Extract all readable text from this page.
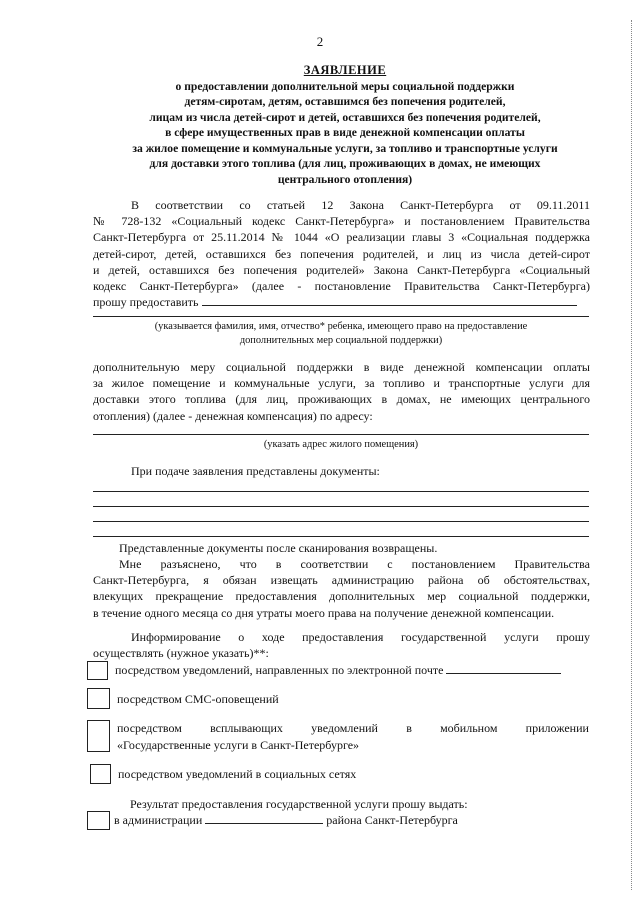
2
ЗАЯВЛЕНИЕ
о предоставлении дополнительной меры социальной поддержки
детям-сиротам, детям, оставшимся без попечения родителей,
лицам из числа детей-сирот и детей, оставшихся без попечения родителей,
в сфере имущественных прав в виде денежной компенсации оплаты
за жилое помещение и коммунальные услуги, за топливо и транспортные услуги
для доставки этого топлива (для лиц, проживающих в домах, не имеющих
центрального отопления)
В соответствии со статьей 12 Закона Санкт-Петербурга от 09.11.2011
№ 728-132 «Социальный кодекс Санкт-Петербурга» и постановлением Правительства
Санкт-Петербурга от 25.11.2014 № 1044 «О реализации главы 3 «Социальная поддержка
детей-сирот, детей, оставшихся без попечения родителей, и лиц из числа детей-сирот
и детей, оставшихся без попечения родителей» Закона Санкт-Петербурга «Социальный
кодекс Санкт-Петербурга» (далее - постановление Правительства Санкт-Петербурга)
прошу предоставить
(указывается фамилия, имя, отчество* ребенка, имеющего право на предоставление
дополнительных мер социальной поддержки)
дополнительную меру социальной поддержки в виде денежной компенсации оплаты
за жилое помещение и коммунальные услуги, за топливо и транспортные услуги для
доставки этого топлива (для лиц, проживающих в домах, не имеющих центрального
отопления) (далее - денежная компенсация) по адресу:
(указать адрес жилого помещения)
При подаче заявления представлены документы:
Представленные документы после сканирования возвращены.
Мне разъяснено, что в соответствии с постановлением Правительства
Санкт-Петербурга, я обязан извещать администрацию района об обстоятельствах,
влекущих прекращение предоставления дополнительных мер социальной поддержки,
в течение одного месяца со дня утраты моего права на получение денежной компенсации.
Информирование о ходе предоставления государственной услуги прошу
осуществлять (нужное указать)**:
посредством уведомлений, направленных по электронной почте
посредством СМС-оповещений
посредством всплывающих уведомлений в мобильном приложении
«Государственные услуги в Санкт-Петербурге»
посредством уведомлений в социальных сетях
Результат предоставления государственной услуги прошу выдать:
в администрации	района Санкт-Петербурга
